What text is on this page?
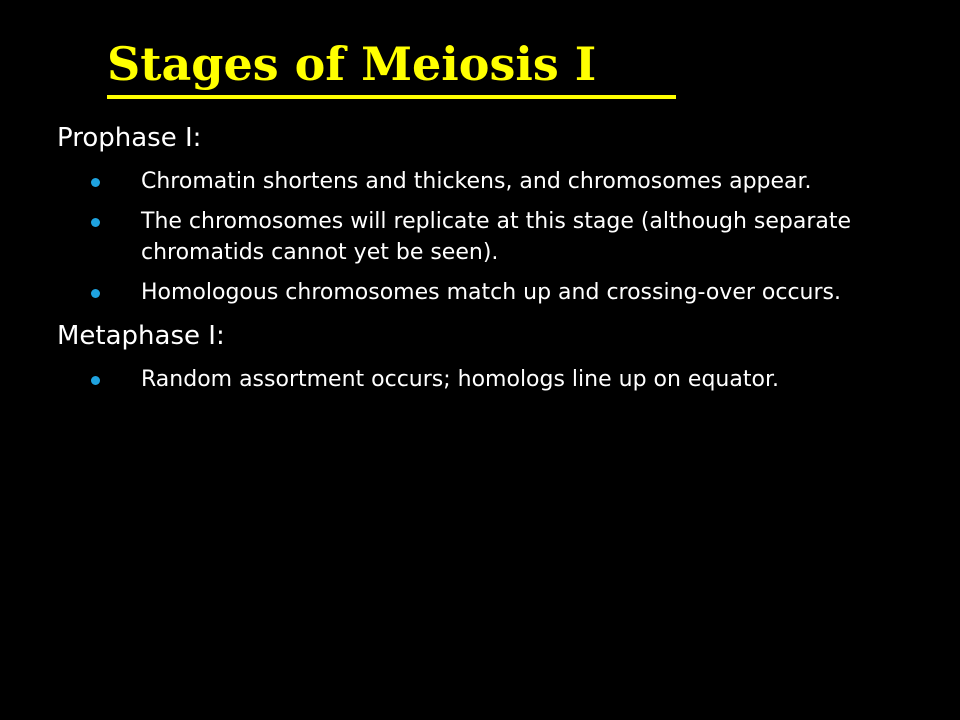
Stages of Meiosis I

Prophase I:

Chromatin shortens and thickens, and chromosomes appear.
The chromosomes will replicate at this stage (although separate chromatids cannot yet be seen).
Homologous chromosomes match up and crossing-over occurs.

Metaphase I:

Random assortment occurs; homologs line up on equator.
